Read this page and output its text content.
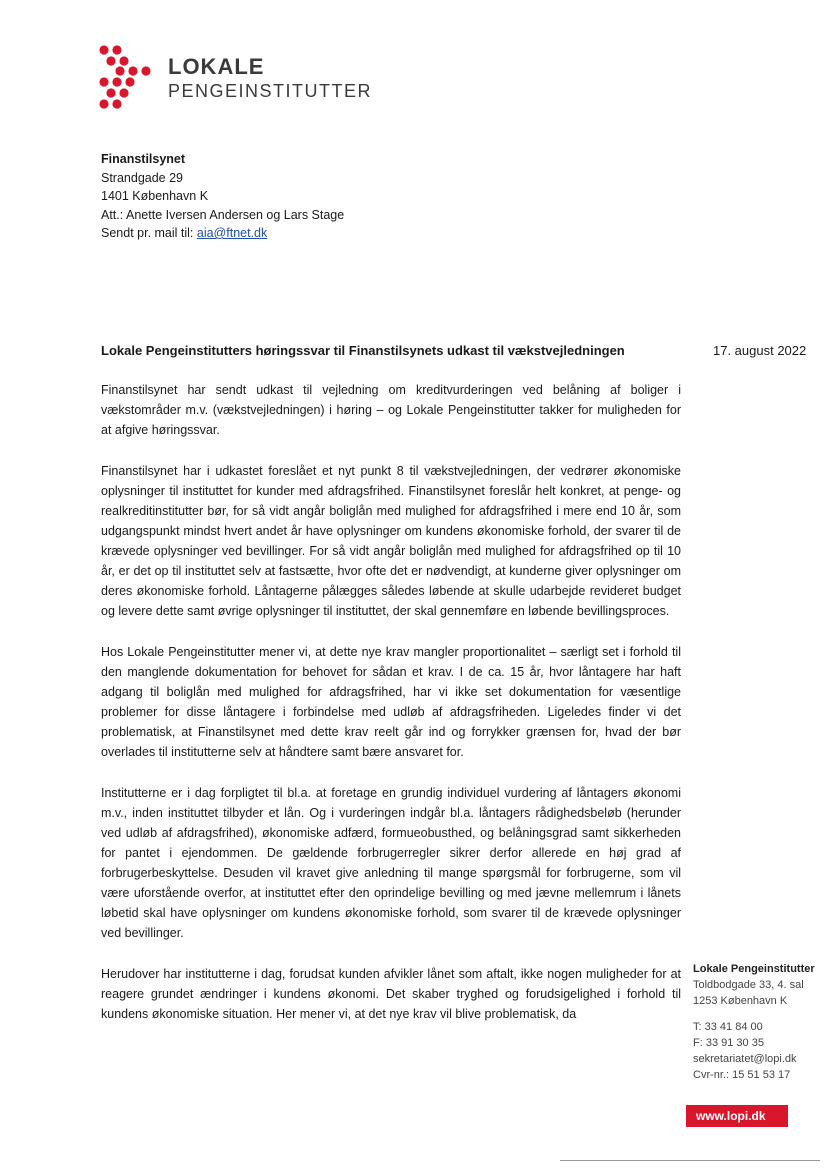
LOKALE
PENGEINSTITUTTER
Finanstilsynet
Strandgade 29
1401 København K
Att.: Anette Iversen Andersen og Lars Stage
Sendt pr. mail til: aia@ftnet.dk
Lokale Pengeinstitutters høringssvar til Finanstilsynets udkast til vækstvejledningen	17. august 2022

Finanstilsynet har sendt udkast til vejledning om kreditvurderingen ved belåning af boliger i vækstområder m.v. (vækstvejledningen) i høring – og Lokale Pengeinstitutter takker for muligheden for at afgive høringssvar.

Finanstilsynet har i udkastet foreslået et nyt punkt 8 til vækstvejledningen, der vedrører økonomiske oplysninger til instituttet for kunder med afdragsfrihed. Finanstilsynet foreslår helt konkret, at penge- og realkreditinstitutter bør, for så vidt angår boliglån med mulighed for afdragsfrihed i mere end 10 år, som udgangspunkt mindst hvert andet år have oplysninger om kundens økonomiske forhold, der svarer til de krævede oplysninger ved bevillinger. For så vidt angår boliglån med mulighed for afdragsfrihed op til 10 år, er det op til instituttet selv at fastsætte, hvor ofte det er nødvendigt, at kunderne giver oplysninger om deres økonomiske forhold. Låntagerne pålægges således løbende at skulle udarbejde revideret budget og levere dette samt øvrige oplysninger til instituttet, der skal gennemføre en løbende bevillingsproces.

Hos Lokale Pengeinstitutter mener vi, at dette nye krav mangler proportionalitet – særligt set i forhold til den manglende dokumentation for behovet for sådan et krav. I de ca. 15 år, hvor låntagere har haft adgang til boliglån med mulighed for afdragsfrihed, har vi ikke set dokumentation for væsentlige problemer for disse låntagere i forbindelse med udløb af afdragsfriheden. Ligeledes finder vi det problematisk, at Finanstilsynet med dette krav reelt går ind og forrykker grænsen for, hvad der bør overlades til institutterne selv at håndtere samt bære ansvaret for.

Institutterne er i dag forpligtet til bl.a. at foretage en grundig individuel vurdering af låntagers økonomi m.v., inden instituttet tilbyder et lån. Og i vurderingen indgår bl.a. låntagers rådighedsbeløb (herunder ved udløb af afdragsfrihed), økonomiske adfærd, formueobusthed, og belåningsgrad samt sikkerheden for pantet i ejendommen. De gældende forbrugerregler sikrer derfor allerede en høj grad af forbrugerbeskyttelse. Desuden vil kravet give anledning til mange spørgsmål for forbrugerne, som vil være uforstående overfor, at instituttet efter den oprindelige bevilling og med jævne mellemrum i lånets løbetid skal have oplysninger om kundens økonomiske forhold, som svarer til de krævede oplysninger ved bevillinger.

Herudover har institutterne i dag, forudsat kunden afvikler lånet som aftalt, ikke nogen muligheder for at reagere grundet ændringer i kundens økonomi. Det skaber tryghed og forudsigelighed i forhold til kundens økonomiske situation. Her mener vi, at det nye krav vil blive problematisk, da

Lokale Pengeinstitutter
Toldbodgade 33, 4. sal
1253 København K
T: 33 41 84 00
F: 33 91 30 35
sekretariatet@lopi.dk
Cvr-nr.: 15 51 53 17
www.lopi.dk
